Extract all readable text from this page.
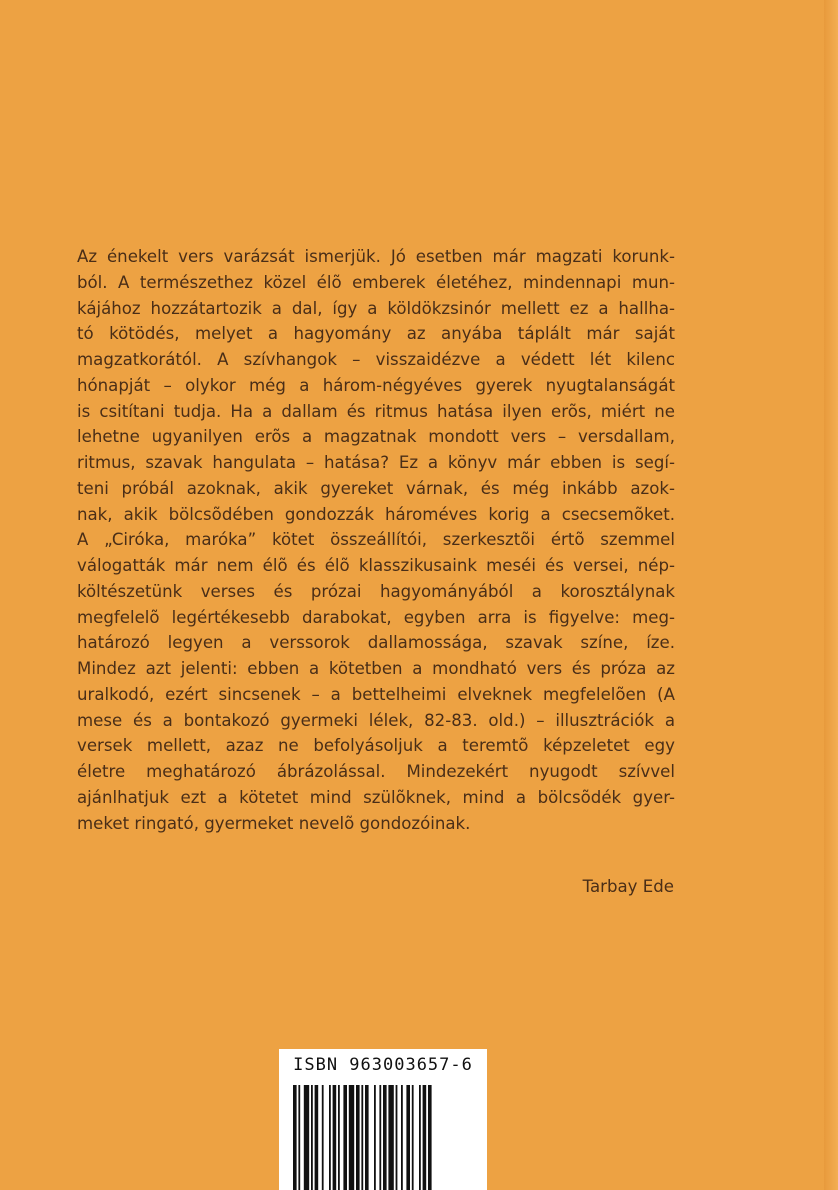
Az énekelt vers varázsát ismerjük. Jó esetben már magzati korunk-
ból. A természethez közel élõ emberek életéhez, mindennapi mun-
kájához hozzátartozik a dal, így a köldökzsinór mellett ez a hallha-
tó kötödés, melyet a hagyomány az anyába táplált már saját
magzatkorától. A szívhangok – visszaidézve a védett lét kilenc
hónapját – olykor még a három-négyéves gyerek nyugtalanságát
is csitítani tudja. Ha a dallam és ritmus hatása ilyen erõs, miért ne
lehetne ugyanilyen erõs a magzatnak mondott vers – versdallam,
ritmus, szavak hangulata – hatása? Ez a könyv már ebben is segí-
teni próbál azoknak, akik gyereket várnak, és még inkább azok-
nak, akik bölcsõdében gondozzák hároméves korig a csecsemõket.
A „Ciróka, maróka” kötet összeállítói, szerkesztõi értõ szemmel
válogatták már nem élõ és élõ klasszikusaink meséi és versei, nép-
költészetünk verses és prózai hagyományából a korosztálynak
megfelelõ legértékesebb darabokat, egyben arra is figyelve: meg-
határozó legyen a verssorok dallamossága, szavak színe, íze.
Mindez azt jelenti: ebben a kötetben a mondható vers és próza az
uralkodó, ezért sincsenek – a bettelheimi elveknek megfelelõen (A
mese és a bontakozó gyermeki lélek, 82-83. old.) – illusztrációk a
versek mellett, azaz ne befolyásoljuk a teremtõ képzeletet egy
életre meghatározó ábrázolással. Mindezekért nyugodt szívvel
ajánlhatjuk ezt a kötetet mind szülõknek, mind a bölcsõdék gyer-
meket ringató, gyermeket nevelõ gondozóinak.
Tarbay Ede
ISBN 963003657-6
